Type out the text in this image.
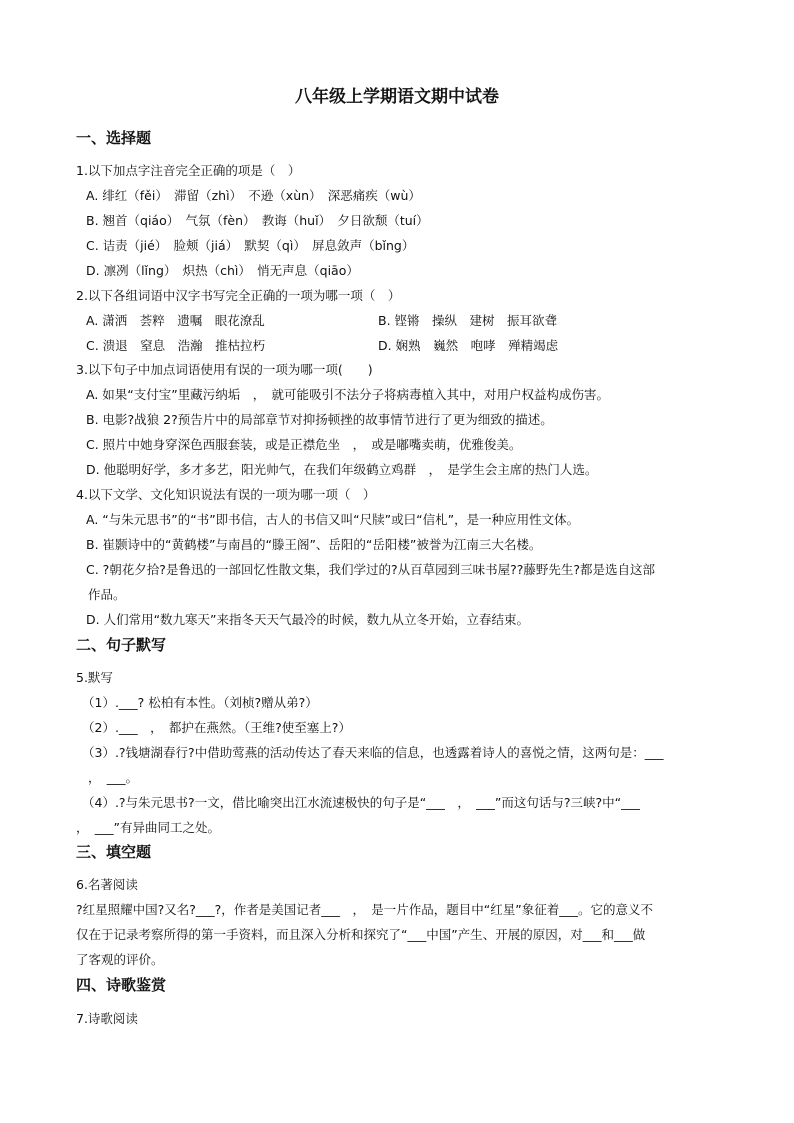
八年级上学期语文期中试卷
一、选择题
1.以下加点字注音完全正确的项是（　）
A. 绯红（fěi）　滞留（zhì）　不逊（xùn）　深恶痛疾（wù）
B. 翘首（qiáo）　气氛（fèn）　教诲（huǐ）　夕日欲颓（tuí）
C. 诘责（jié）　脸颊（jiá）　默契（qì）　屏息敛声（bǐng）
D. 凛冽（lǐng）　炽热（chì）　悄无声息（qiāo）
2.以下各组词语中汉字书写完全正确的一项为哪一项（　）
A. 潇洒　荟粹　遗嘱　眼花潦乱	B. 铿锵　操纵　建树　振耳欲聋
C. 溃退　窒息　浩瀚　推枯拉朽	D. 娴熟　巍然　咆哮　殚精竭虑
3.以下句子中加点词语使用有误的一项为哪一项(　　)
A. 如果“支付宝”里藏污纳垢　，　就可能吸引不法分子将病毒植入其中，对用户权益构成伤害。
B. 电影?战狼 2?预告片中的局部章节对抑扬顿挫的故事情节进行了更为细致的描述。
C. 照片中她身穿深色西服套装，或是正襟危坐　，　或是嘟嘴卖萌，优雅俊美。
D. 他聪明好学，多才多艺，阳光帅气，在我们年级鹤立鸡群　，　是学生会主席的热门人选。
4.以下文学、文化知识说法有误的一项为哪一项（　）
A. “与朱元思书”的“书”即书信，古人的书信又叫“尺牍”或曰“信札”，是一种应用性文体。
B. 崔颢诗中的“黄鹤楼”与南昌的“滕王阁”、岳阳的“岳阳楼”被誉为江南三大名楼。
C. ?朝花夕拾?是鲁迅的一部回忆性散文集，我们学过的?从百草园到三味书屋??藤野先生?都是选自这部
作品。
D. 人们常用“数九寒天”来指冬天天气最冷的时候，数九从立冬开始，立春结束。
二、句子默写
5.默写
（1）.___? 松柏有本性。（刘桢?赠从弟?）
（2）.___　，　都护在燕然。（王维?使至塞上?）
（3）.?钱塘湖春行?中借助莺燕的活动传达了春天来临的信息，也透露着诗人的喜悦之情，这两句是：___
，　___。
（4）.?与朱元思书?一文，借比喻突出江水流速极快的句子是“___　，　___”而这句话与?三峡?中“___
，　___”有异曲同工之处。
三、填空题
6.名著阅读
?红星照耀中国?又名?___?，作者是美国记者___　，　是一片作品，题目中“红星”象征着___。它的意义不
仅在于记录考察所得的第一手资料，而且深入分析和探究了“___中国”产生、开展的原因，对___和___做
了客观的评价。
四、诗歌鉴赏
7.诗歌阅读
